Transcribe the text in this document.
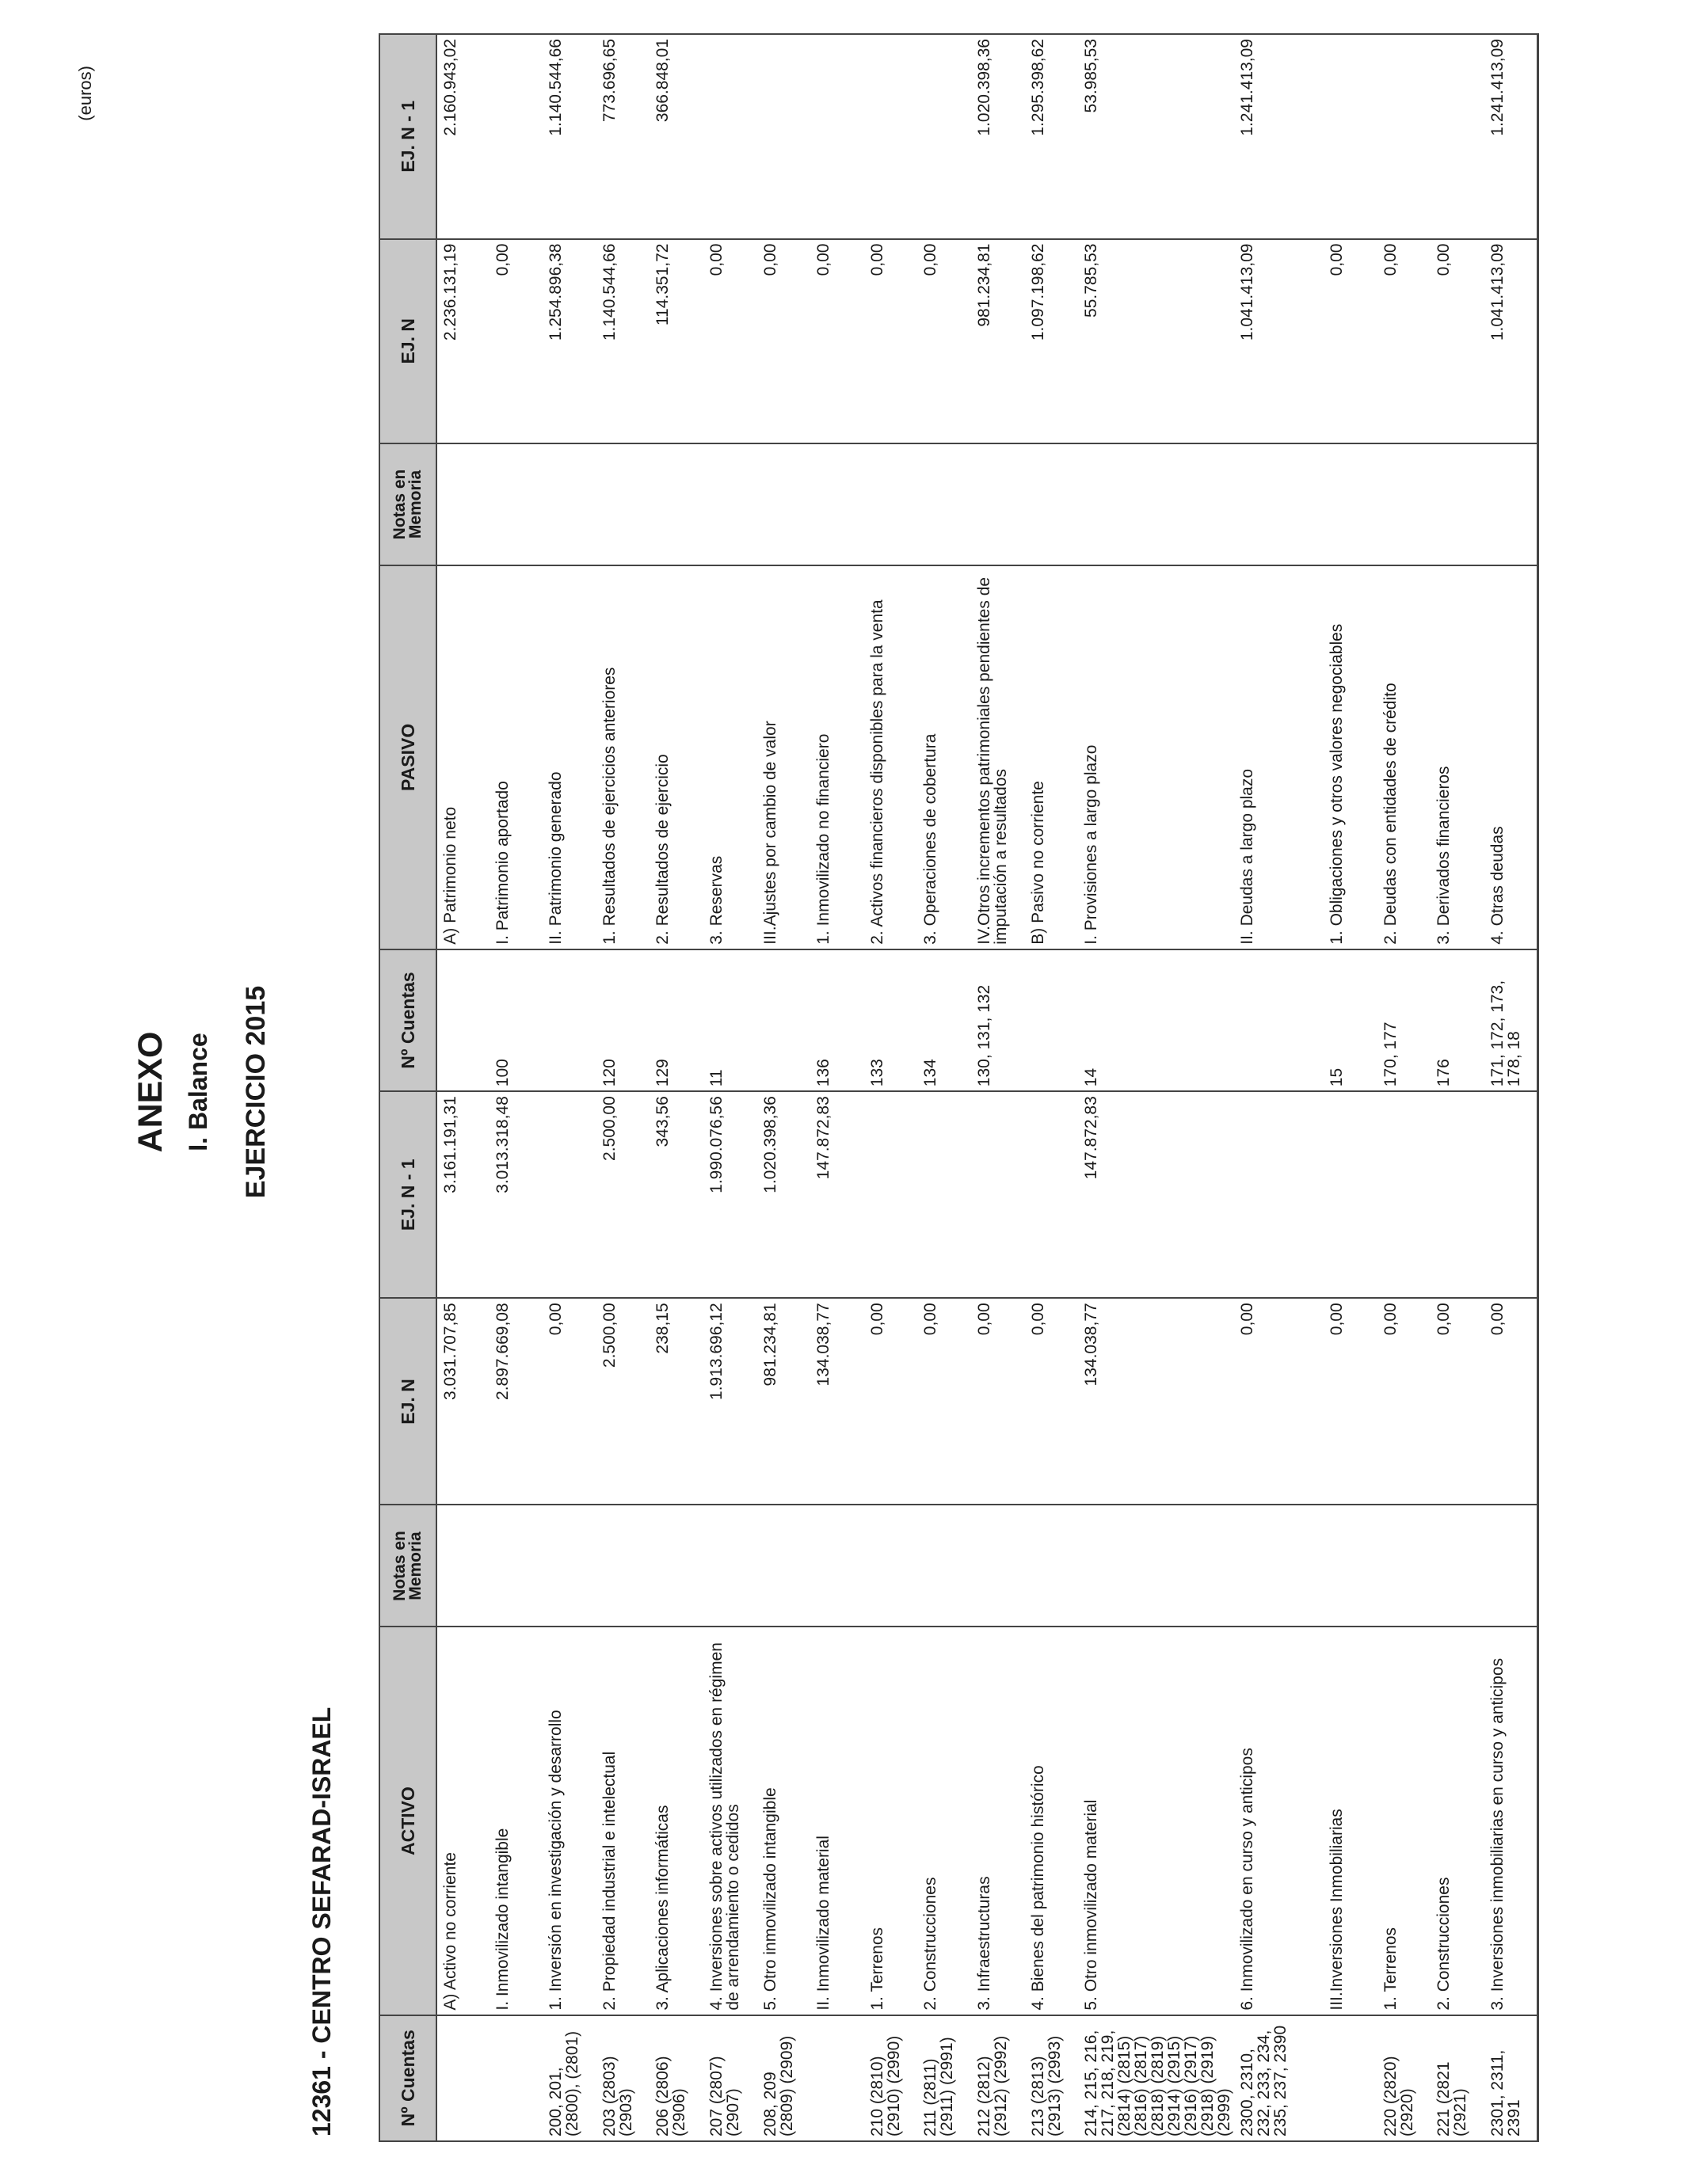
(euros)
ANEXO I. Balance EJERCICIO 2015
12361 - CENTRO SEFARAD-ISRAEL	Nº Cuentas	ACTIVO	Notas en Memoria	EJ. N	EJ. N - 1	Nº Cuentas	PASIVO	Notas en Memoria	EJ. N	EJ. N - 1
	A) Activo no corriente		3.031.707,85	3.161.191,31		A) Patrimonio neto		2.236.131,19	2.160.943,02
	I. Inmovilizado intangible		2.897.669,08	3.013.318,48	100	I. Patrimonio aportado		0,00	
200, 201, (2800), (2801)	1. Inversión en investigación y desarrollo		0,00			II. Patrimonio generado		1.254.896,38	1.140.544,66
203 (2803) (2903)	2. Propiedad industrial e intelectual		2.500,00	2.500,00	120	1. Resultados de ejercicios anteriores		1.140.544,66	773.696,65
206 (2806) (2906)	3. Aplicaciones informáticas		238,15	343,56	129	2. Resultados de ejercicio		114.351,72	366.848,01
207 (2807) (2907)	4. Inversiones sobre activos utilizados en régimen de arrendamiento o cedidos		1.913.696,12	1.990.076,56	11	3. Reservas		0,00	
208, 209 (2809) (2909)	5. Otro inmovilizado intangible		981.234,81	1.020.398,36		III.Ajustes por cambio de valor		0,00	
	II. Inmovilizado material		134.038,77	147.872,83	136	1. Inmovilizado no financiero		0,00	
210 (2810) (2910) (2990)	1. Terrenos		0,00		133	2. Activos financieros disponibles para la venta		0,00	
211 (2811) (2911) (2991)	2. Construcciones		0,00		134	3. Operaciones de cobertura		0,00	
212 (2812) (2912) (2992)	3. Infraestructuras		0,00		130, 131, 132	IV.Otros incrementos patrimoniales pendientes de imputación a resultados		981.234,81	1.020.398,36
213 (2813) (2913) (2993)	4. Bienes del patrimonio histórico		0,00			B) Pasivo no corriente		1.097.198,62	1.295.398,62
214, 215, 216, 217, 218, 219, (2814) (2815) (2816) (2817) (2818) (2819) (2914) (2915) (2916) (2917) (2918) (2919) (2999)	5. Otro inmovilizado material		134.038,77	147.872,83	14	I. Provisiones a largo plazo		55.785,53	53.985,53
2300, 2310, 232, 233, 234, 235, 237, 2390	6. Inmovilizado en curso y anticipos		0,00			II. Deudas a largo plazo		1.041.413,09	1.241.413,09
	III.Inversiones Inmobiliarias		0,00		15	1. Obligaciones y otros valores negociables		0,00	
220 (2820) (2920)	1. Terrenos		0,00		170, 177	2. Deudas con entidades de crédito		0,00	
221 (2821 (2921)	2. Construcciones		0,00		176	3. Derivados financieros		0,00	
2301, 2311, 2391	3. Inversiones inmobiliarias en curso y anticipos		0,00		171, 172, 173, 178, 18	4. Otras deudas		1.041.413,09	1.241.413,09
